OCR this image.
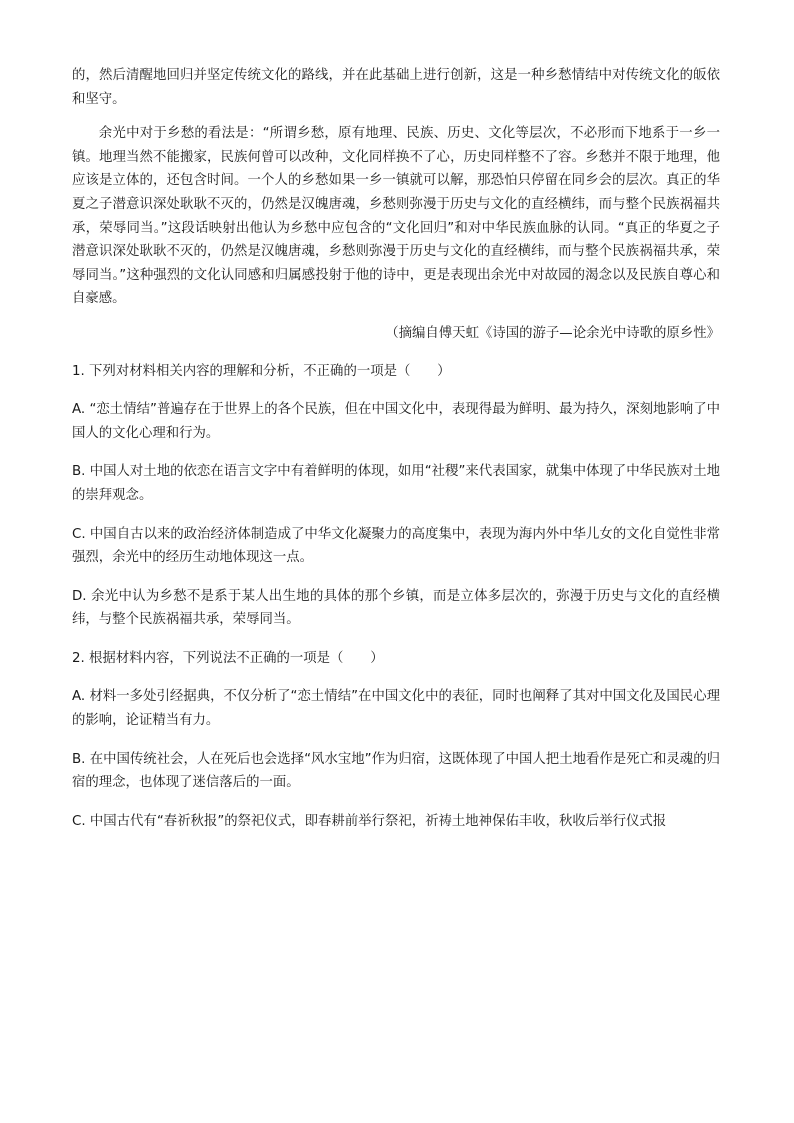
的，然后清醒地回归并坚定传统文化的路线，并在此基础上进行创新，这是一种乡愁情结中对传统文化的皈依和坚守。

余光中对于乡愁的看法是：“所谓乡愁，原有地理、民族、历史、文化等层次，不必形而下地系于一乡一镇。地理当然不能搬家，民族何曾可以改种，文化同样换不了心，历史同样整不了容。乡愁并不限于地理，他应该是立体的，还包含时间。一个人的乡愁如果一乡一镇就可以解，那恐怕只停留在同乡会的层次。真正的华夏之子潜意识深处耿耿不灭的，仍然是汉魄唐魂，乡愁则弥漫于历史与文化的直经横纬，而与整个民族祸福共承，荣辱同当。”这段话映射出他认为乡愁中应包含的“文化回归”和对中华民族血脉的认同。“真正的华夏之子潜意识深处耿耿不灭的，仍然是汉魄唐魂，乡愁则弥漫于历史与文化的直经横纬，而与整个民族祸福共承，荣辱同当。”这种强烈的文化认同感和归属感投射于他的诗中，更是表现出余光中对故园的渴念以及民族自尊心和自豪感。

（摘编自傅天虹《诗国的游子—论余光中诗歌的原乡性》

1. 下列对材料相关内容的理解和分析，不正确的一项是（　　）

A. “恋土情结”普遍存在于世界上的各个民族，但在中国文化中，表现得最为鲜明、最为持久，深刻地影响了中国人的文化心理和行为。

B. 中国人对土地的依恋在语言文字中有着鲜明的体现，如用“社稷”来代表国家，就集中体现了中华民族对土地的崇拜观念。

C. 中国自古以来的政治经济体制造成了中华文化凝聚力的高度集中，表现为海内外中华儿女的文化自觉性非常强烈，余光中的经历生动地体现这一点。

D. 余光中认为乡愁不是系于某人出生地的具体的那个乡镇，而是立体多层次的，弥漫于历史与文化的直经横纬，与整个民族祸福共承，荣辱同当。

2. 根据材料内容，下列说法不正确的一项是（　　）

A. 材料一多处引经据典，不仅分析了“恋土情结”在中国文化中的表征，同时也阐释了其对中国文化及国民心理的影响，论证精当有力。

B. 在中国传统社会，人在死后也会选择“风水宝地”作为归宿，这既体现了中国人把土地看作是死亡和灵魂的归宿的理念，也体现了迷信落后的一面。

C. 中国古代有“春祈秋报”的祭祀仪式，即春耕前举行祭祀，祈祷土地神保佑丰收，秋收后举行仪式报
